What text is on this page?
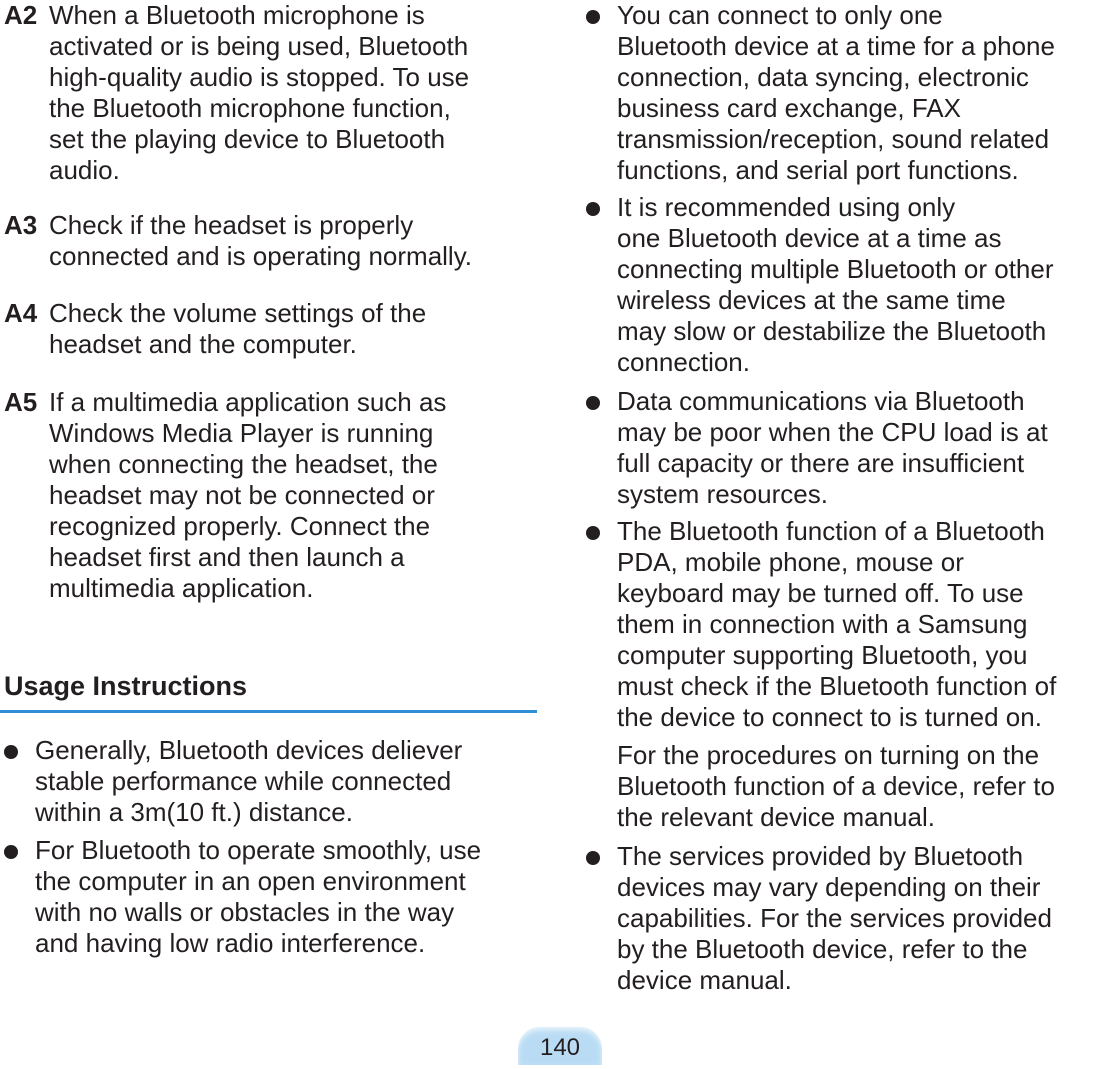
A2 When a Bluetooth microphone is
activated or is being used, Bluetooth
high-quality audio is stopped. To use
the Bluetooth microphone function,
set the playing device to Bluetooth
audio.
A3 Check if the headset is properly
connected and is operating normally.
A4 Check the volume settings of the
headset and the computer.
A5 If a multimedia application such as
Windows Media Player is running
when connecting the headset, the
headset may not be connected or
recognized properly. Connect the
headset first and then launch a
multimedia application.
Usage Instructions
Generally, Bluetooth devices deliever
stable performance while connected
within a 3m(10 ft.) distance.
For Bluetooth to operate smoothly, use
the computer in an open environment
with no walls or obstacles in the way
and having low radio interference.
You can connect to only one
Bluetooth device at a time for a phone
connection, data syncing, electronic
business card exchange, FAX
transmission/reception, sound related
functions, and serial port functions.
It is recommended using only
one Bluetooth device at a time as
connecting multiple Bluetooth or other
wireless devices at the same time
may slow or destabilize the Bluetooth
connection.
Data communications via Bluetooth
may be poor when the CPU load is at
full capacity or there are insufficient
system resources.
The Bluetooth function of a Bluetooth
PDA, mobile phone, mouse or
keyboard may be turned off. To use
them in connection with a Samsung
computer supporting Bluetooth, you
must check if the Bluetooth function of
the device to connect to is turned on.
For the procedures on turning on the
Bluetooth function of a device, refer to
the relevant device manual.
The services provided by Bluetooth
devices may vary depending on their
capabilities. For the services provided
by the Bluetooth device, refer to the
device manual.
140
